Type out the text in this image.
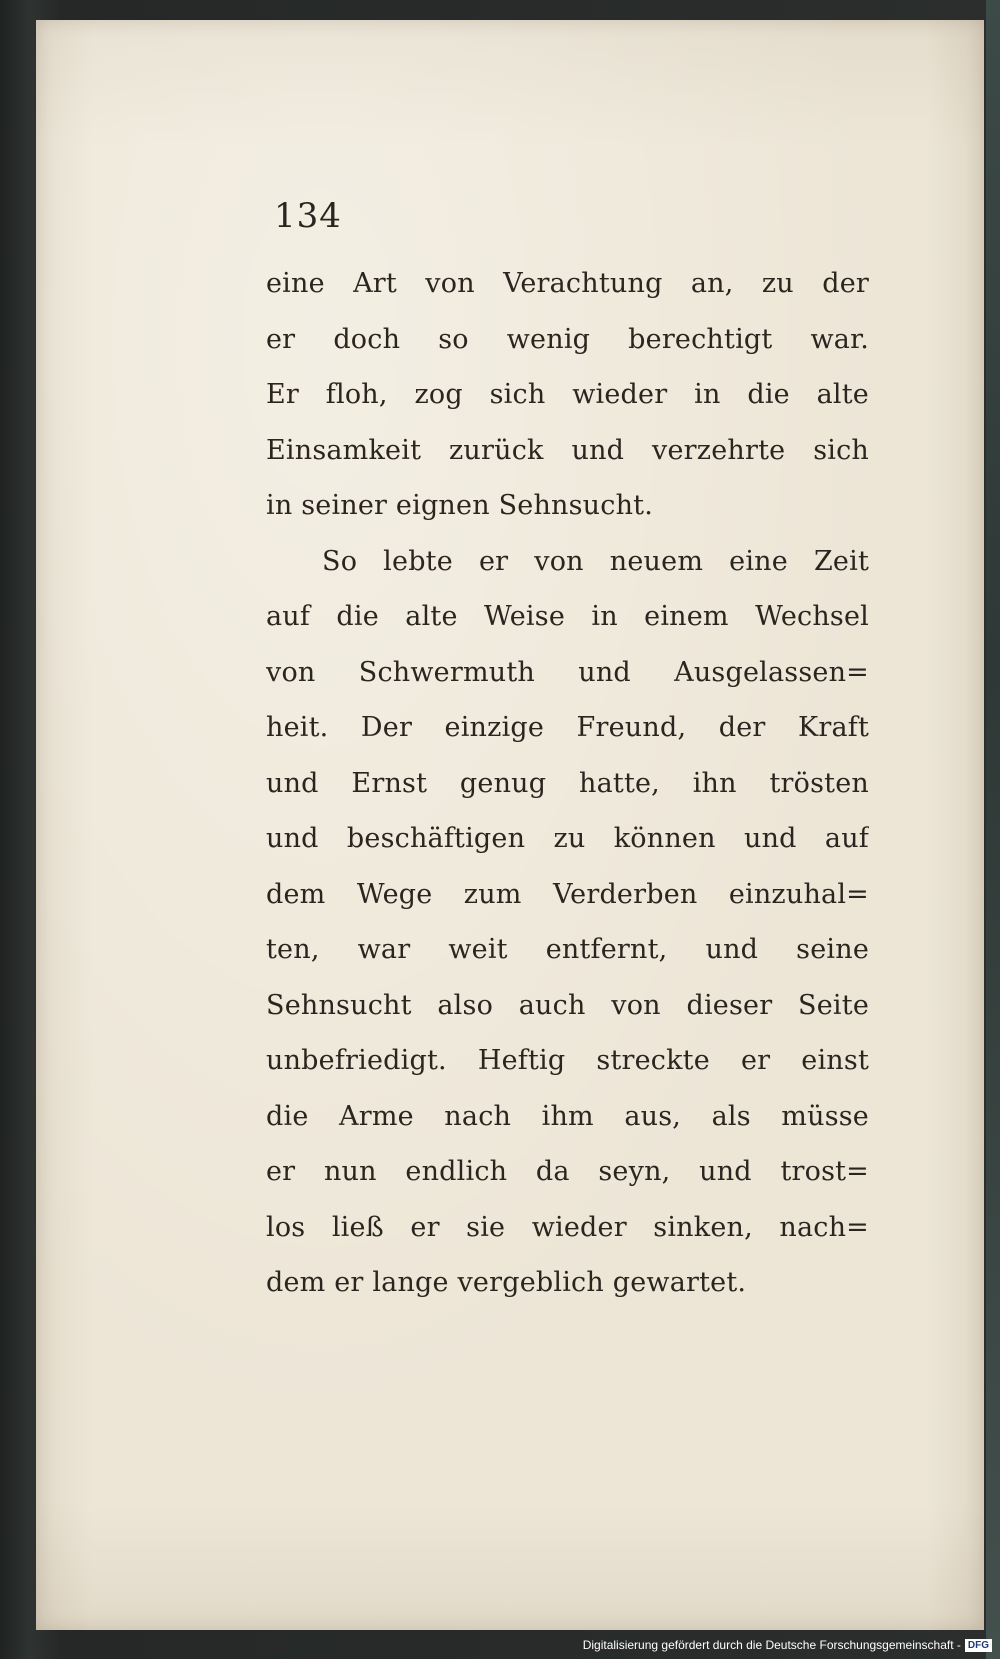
134
eine Art von Verachtung an, zu der
er doch so wenig berechtigt war.
Er floh, zog sich wieder in die alte
Einsamkeit zurück und verzehrte sich
in seiner eignen Sehnsucht.
So lebte er von neuem eine Zeit
auf die alte Weise in einem Wechsel
von Schwermuth und Ausgelassen=
heit. Der einzige Freund, der Kraft
und Ernst genug hatte, ihn trösten
und beschäftigen zu können und auf
dem Wege zum Verderben einzuhal=
ten, war weit entfernt, und seine
Sehnsucht also auch von dieser Seite
unbefriedigt. Heftig streckte er einst
die Arme nach ihm aus, als müsse
er nun endlich da seyn, und trost=
los ließ er sie wieder sinken, nach=
dem er lange vergeblich gewartet.
Digitalisierung gefördert durch die Deutsche Forschungsgemeinschaft - DFG
